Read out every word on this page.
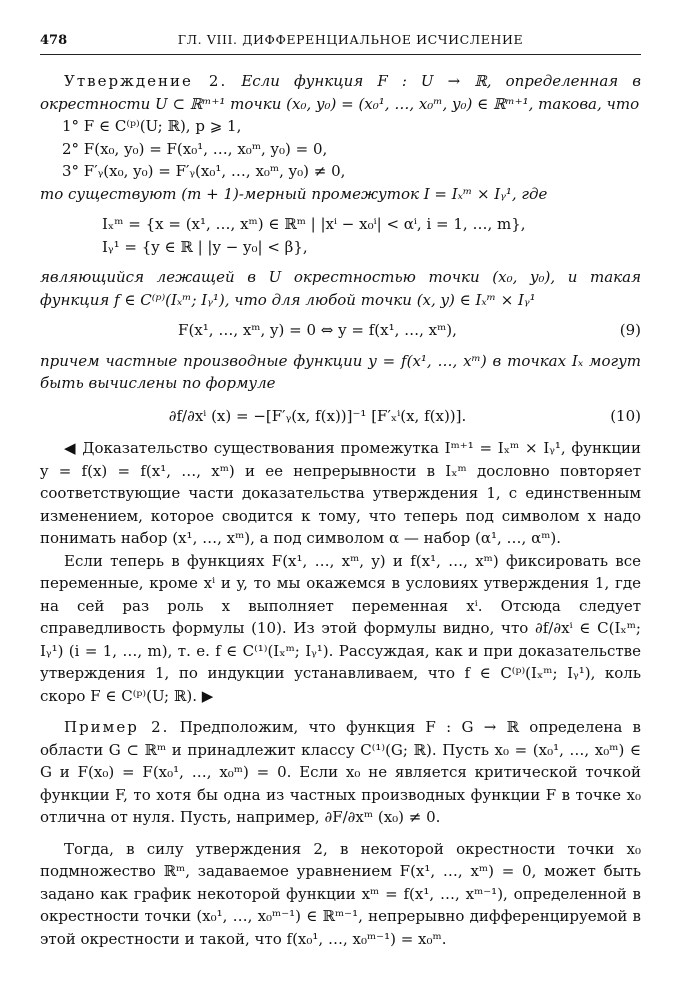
478	ГЛ. VIII. ДИФФЕРЕНЦИАЛЬНОЕ ИСЧИСЛЕНИЕ

Утверждение 2. Если функция F : U → ℝ, определенная в окрестности U ⊂ ℝᵐ⁺¹ точки (x₀, y₀) = (x₀¹, …, x₀ᵐ, y₀) ∈ ℝᵐ⁺¹, такова, что

1° F ∈ C⁽ᵖ⁾(U; ℝ), p ⩾ 1,

2° F(x₀, y₀) = F(x₀¹, …, x₀ᵐ, y₀) = 0,

3° F′ᵧ(x₀, y₀) = F′ᵧ(x₀¹, …, x₀ᵐ, y₀) ≠ 0,

то существуют (m + 1)-мерный промежуток I = Iₓᵐ × Iᵧ¹, где

Iₓᵐ = {x = (x¹, …, xᵐ) ∈ ℝᵐ | |xⁱ − x₀ⁱ| < αⁱ, i = 1, …, m},

Iᵧ¹ = {y ∈ ℝ | |y − y₀| < β},

являющийся лежащей в U окрестностью точки (x₀, y₀), и такая функция f ∈ C⁽ᵖ⁾(Iₓᵐ; Iᵧ¹), что для любой точки (x, y) ∈ Iₓᵐ × Iᵧ¹

F(x¹, …, xᵐ, y) = 0 ⇔ y = f(x¹, …, xᵐ),	(9)

причем частные производные функции y = f(x¹, …, xᵐ) в точках Iₓ могут быть вычислены по формуле

∂f/∂xⁱ (x) = −[F′ᵧ(x, f(x))]⁻¹ [F′ₓⁱ(x, f(x))].	(10)

◀ Доказательство существования промежутка Iᵐ⁺¹ = Iₓᵐ × Iᵧ¹, функции y = f(x) = f(x¹, …, xᵐ) и ее непрерывности в Iₓᵐ дословно повторяет соответствующие части доказательства утверждения 1, с единственным изменением, которое сводится к тому, что теперь под символом x надо понимать набор (x¹, …, xᵐ), а под символом α — набор (α¹, …, αᵐ).

Если теперь в функциях F(x¹, …, xᵐ, y) и f(x¹, …, xᵐ) фиксировать все переменные, кроме xⁱ и y, то мы окажемся в условиях утверждения 1, где на сей раз роль x выполняет переменная xⁱ. Отсюда следует справедливость формулы (10). Из этой формулы видно, что ∂f/∂xⁱ ∈ C(Iₓᵐ; Iᵧ¹) (i = 1, …, m), т. е. f ∈ C⁽¹⁾(Iₓᵐ; Iᵧ¹). Рассуждая, как и при доказательстве утверждения 1, по индукции устанавливаем, что f ∈ C⁽ᵖ⁾(Iₓᵐ; Iᵧ¹), коль скоро F ∈ C⁽ᵖ⁾(U; ℝ). ▶

Пример 2. Предположим, что функция F : G → ℝ определена в области G ⊂ ℝᵐ и принадлежит классу C⁽¹⁾(G; ℝ). Пусть x₀ = (x₀¹, …, x₀ᵐ) ∈ G и F(x₀) = F(x₀¹, …, x₀ᵐ) = 0. Если x₀ не является критической точкой функции F, то хотя бы одна из частных производных функции F в точке x₀ отлична от нуля. Пусть, например, ∂F/∂xᵐ (x₀) ≠ 0.

Тогда, в силу утверждения 2, в некоторой окрестности точки x₀ подмножество ℝᵐ, задаваемое уравнением F(x¹, …, xᵐ) = 0, может быть задано как график некоторой функции xᵐ = f(x¹, …, xᵐ⁻¹), определенной в окрестности точки (x₀¹, …, x₀ᵐ⁻¹) ∈ ℝᵐ⁻¹, непрерывно дифференцируемой в этой окрестности и такой, что f(x₀¹, …, x₀ᵐ⁻¹) = x₀ᵐ.
